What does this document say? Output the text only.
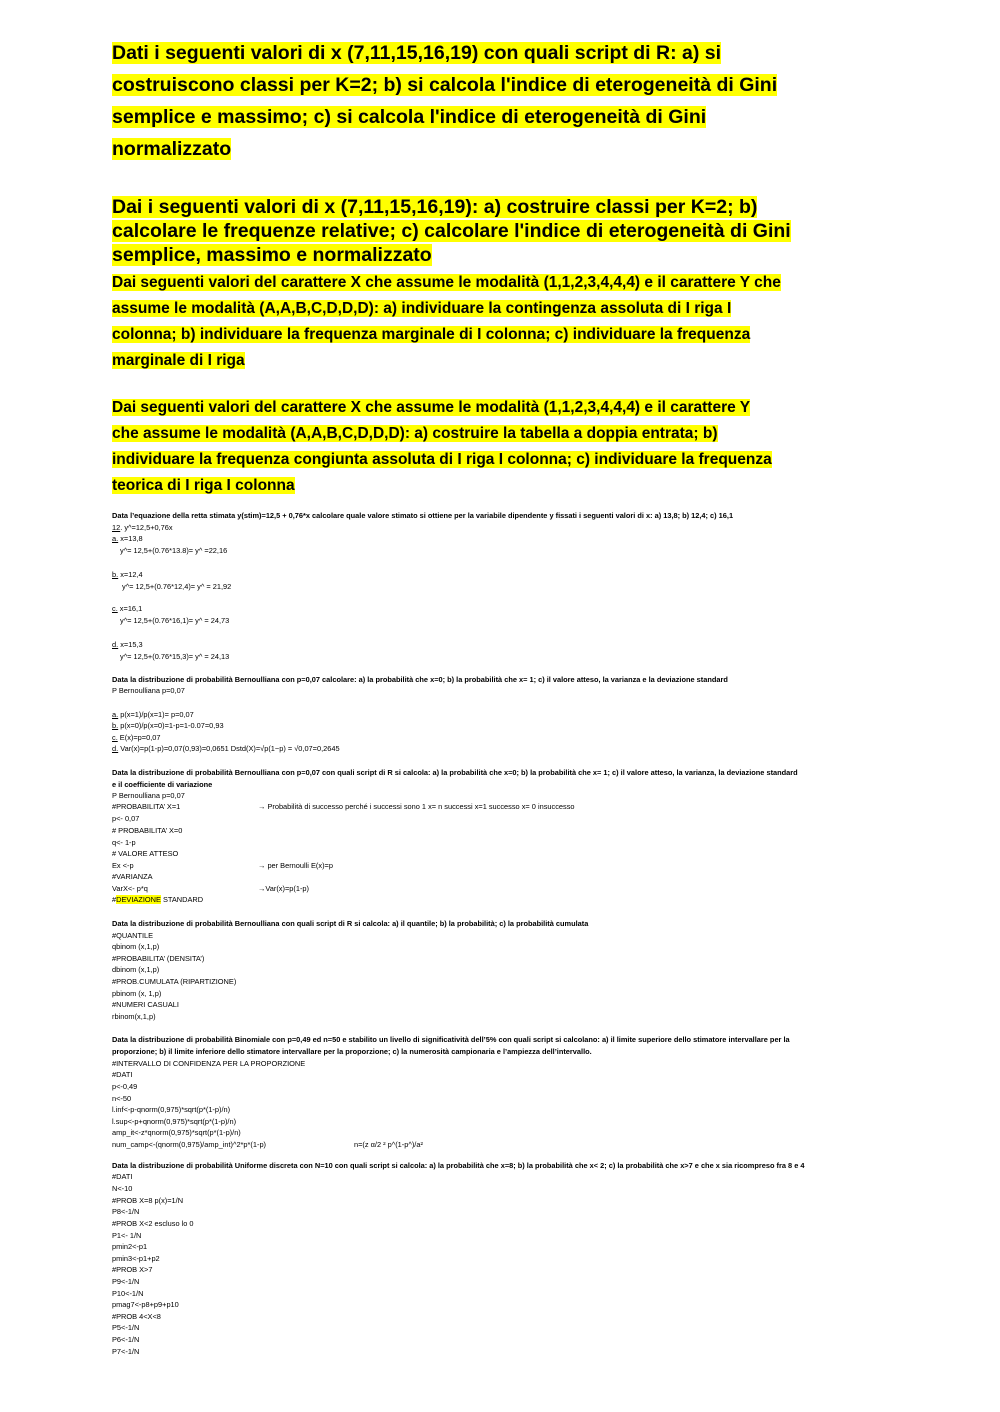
Dati i seguenti valori di x (7,11,15,16,19) con quali script di R: a) si
costruiscono classi per K=2; b) si calcola l'indice di eterogeneità di Gini
semplice e massimo; c) si calcola l'indice di eterogeneità di Gini
normalizzato
Dai i seguenti valori di x (7,11,15,16,19): a) costruire classi per K=2; b)
calcolare le frequenze relative; c) calcolare l'indice di eterogeneità di Gini
semplice, massimo e normalizzato
Dai seguenti valori del carattere X che assume le modalità (1,1,2,3,4,4,4) e il carattere Y che
assume le modalità (A,A,B,C,D,D,D): a) individuare la contingenza assoluta di I riga I
colonna; b) individuare la frequenza marginale di I colonna; c) individuare la frequenza
marginale di I riga
Dai seguenti valori del carattere X che assume le modalità (1,1,2,3,4,4,4) e il carattere Y
che assume le modalità (A,A,B,C,D,D,D): a) costruire la tabella a doppia entrata; b)
individuare la frequenza congiunta assoluta di I riga I colonna; c) individuare la frequenza
teorica di I riga I colonna
Data l’equazione della retta stimata y(stim)=12,5 + 0,76*x calcolare quale valore stimato si ottiene per la variabile dipendente y fissati i seguenti valori di x: a) 13,8; b) 12,4; c) 16,1
12. y^=12,5+0,76x
a. x=13,8
y^= 12,5+(0.76*13.8)= y^ =22,16
b. x=12,4
y^= 12,5+(0.76*12,4)= y^ = 21,92
c. x=16,1
y^= 12,5+(0.76*16,1)= y^ = 24,73
d. x=15,3
y^= 12,5+(0.76*15,3)= y^ = 24,13
Data la distribuzione di probabilità Bernoulliana con p=0,07 calcolare: a) la probabilità che x=0; b) la probabilità che x= 1; c) il valore atteso, la varianza e la deviazione standard
P Bernoulliana p=0,07
a. p(x=1)/p(x=1)= p=0,07
b. p(x=0)/p(x=0)=1-p=1-0.07=0,93
c. E(x)=p=0,07
d. Var(x)=p(1-p)=0,07(0,93)=0,0651 Dstd(X)=√p(1−p) = √0,07=0,2645
Data la distribuzione di probabilità Bernoulliana con p=0,07 con quali script di R si calcola: a) la probabilità che x=0; b) la probabilità che x= 1; c) il valore atteso, la varianza, la deviazione standard
e il coefficiente di variazione
P Bernoulliana p=0,07
#PROBABILITA’ X=1	→ Probabilità di successo perché i successi sono 1 x= n successi x=1 successo x= 0 insuccesso
p<- 0,07
# PROBABILITA’ X=0
q<- 1-p
# VALORE ATTESO
Ex <-p	→ per Bernoulli E(x)=p
#VARIANZA
VarX<- p*q	→Var(x)=p(1-p)
#DEVIAZIONE STANDARD
Data la distribuzione di probabilità Bernoulliana con quali script di R si calcola: a) il quantile; b) la probabilità; c) la probabilità cumulata
#QUANTILE
qbinom (x,1,p)
#PROBABILITA’ (DENSITA’)
dbinom (x,1,p)
#PROB.CUMULATA (RIPARTIZIONE)
pbinom (x, 1,p)
#NUMERI CASUALI
rbinom(x,1,p)
Data la distribuzione di probabilità Binomiale con p=0,49 ed n=50 e stabilito un livello di significatività dell’5% con quali script si calcolano: a) il limite superiore dello stimatore intervallare per la
proporzione; b) il limite inferiore dello stimatore intervallare per la proporzione; c) la numerosità campionaria e l’ampiezza dell’intervallo.
#INTERVALLO DI CONFIDENZA PER LA PROPORZIONE
#DATI
p<-0,49
n<-50
l.inf<-p-qnorm(0,975)*sqrt(p*(1-p)/n)
l.sup<-p+qnorm(0,975)*sqrt(p*(1-p)/n)
amp_it<-z*qnorm(0,975)*sqrt(p*(1-p)/n)
num_camp<-(qnorm(0,975)/amp_int)^2*p*(1-p)	n=(z α/2 ² p^(1-p^)/a²
Data la distribuzione di probabilità Uniforme discreta con N=10 con quali script si calcola: a) la probabilità che x=8; b) la probabilità che x< 2; c) la probabilità che x>7 e che x sia ricompreso fra 8 e 4
#DATI
N<-10
#PROB X=8 p(x)=1/N
P8<-1/N
#PROB X<2 escluso lo 0
P1<- 1/N
pmin2<-p1
pmin3<-p1+p2
#PROB X>7
P9<-1/N
P10<-1/N
pmag7<-p8+p9+p10
#PROB 4<X<8
P5<-1/N
P6<-1/N
P7<-1/N
